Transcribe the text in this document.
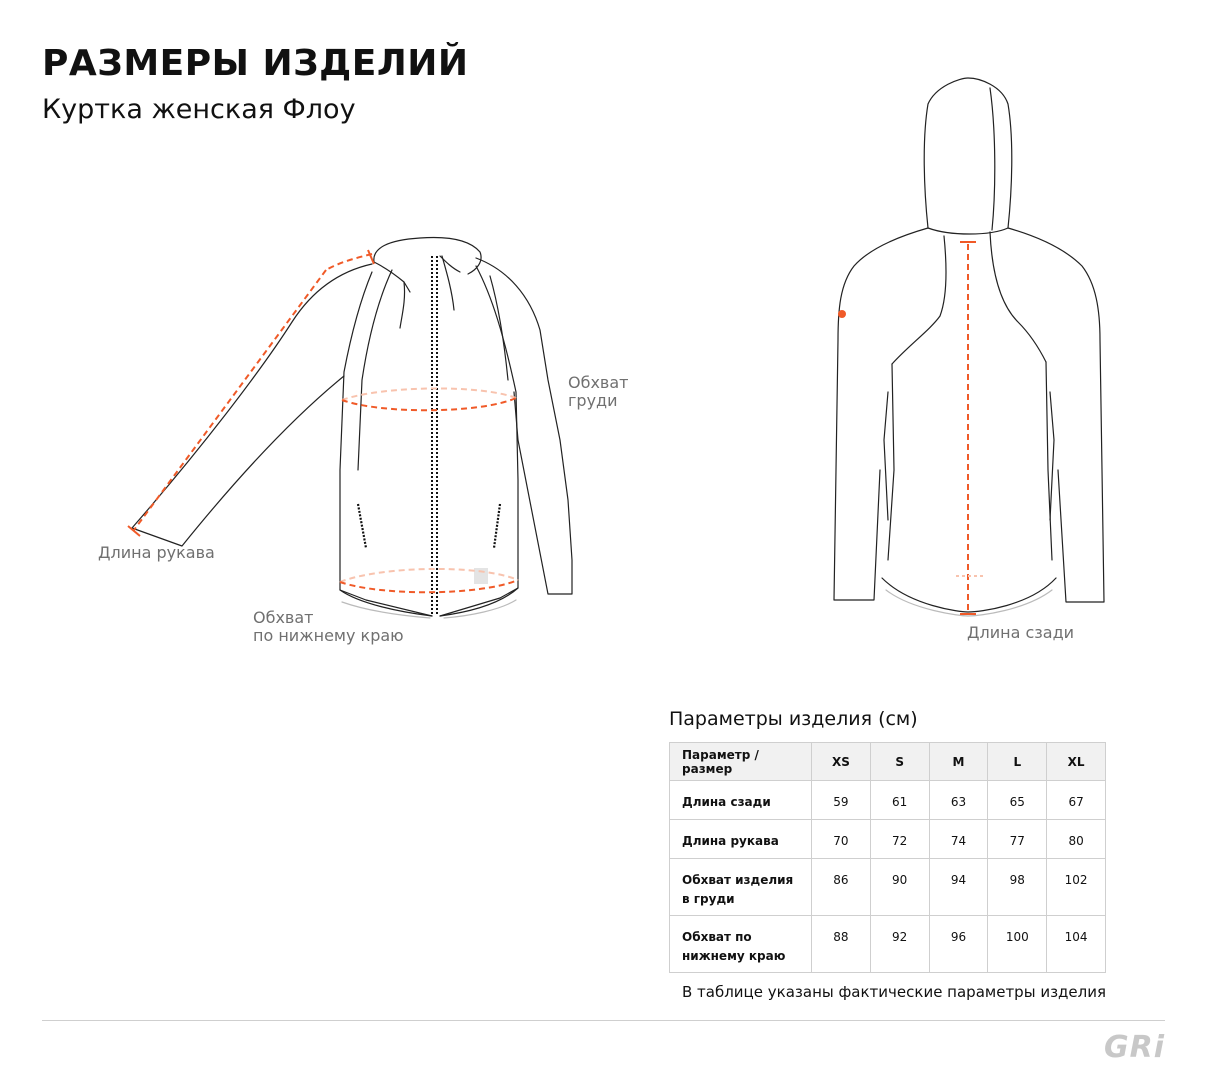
РАЗМЕРЫ ИЗДЕЛИЙ
Куртка женская Флоу
Длина рукава
Обхват
груди
Обхват
по нижнему краю	Длина сзади
Параметры изделия (см)
Параметр / размер	XS	S	M	L	XL
Длина сзади	59	61	63	65	67
Длина рукава	70	72	74	77	80
Обхват изделия в груди	86	90	94	98	102
Обхват по нижнему краю	88	92	96	100	104
В таблице указаны фактические параметры изделия
GRi
